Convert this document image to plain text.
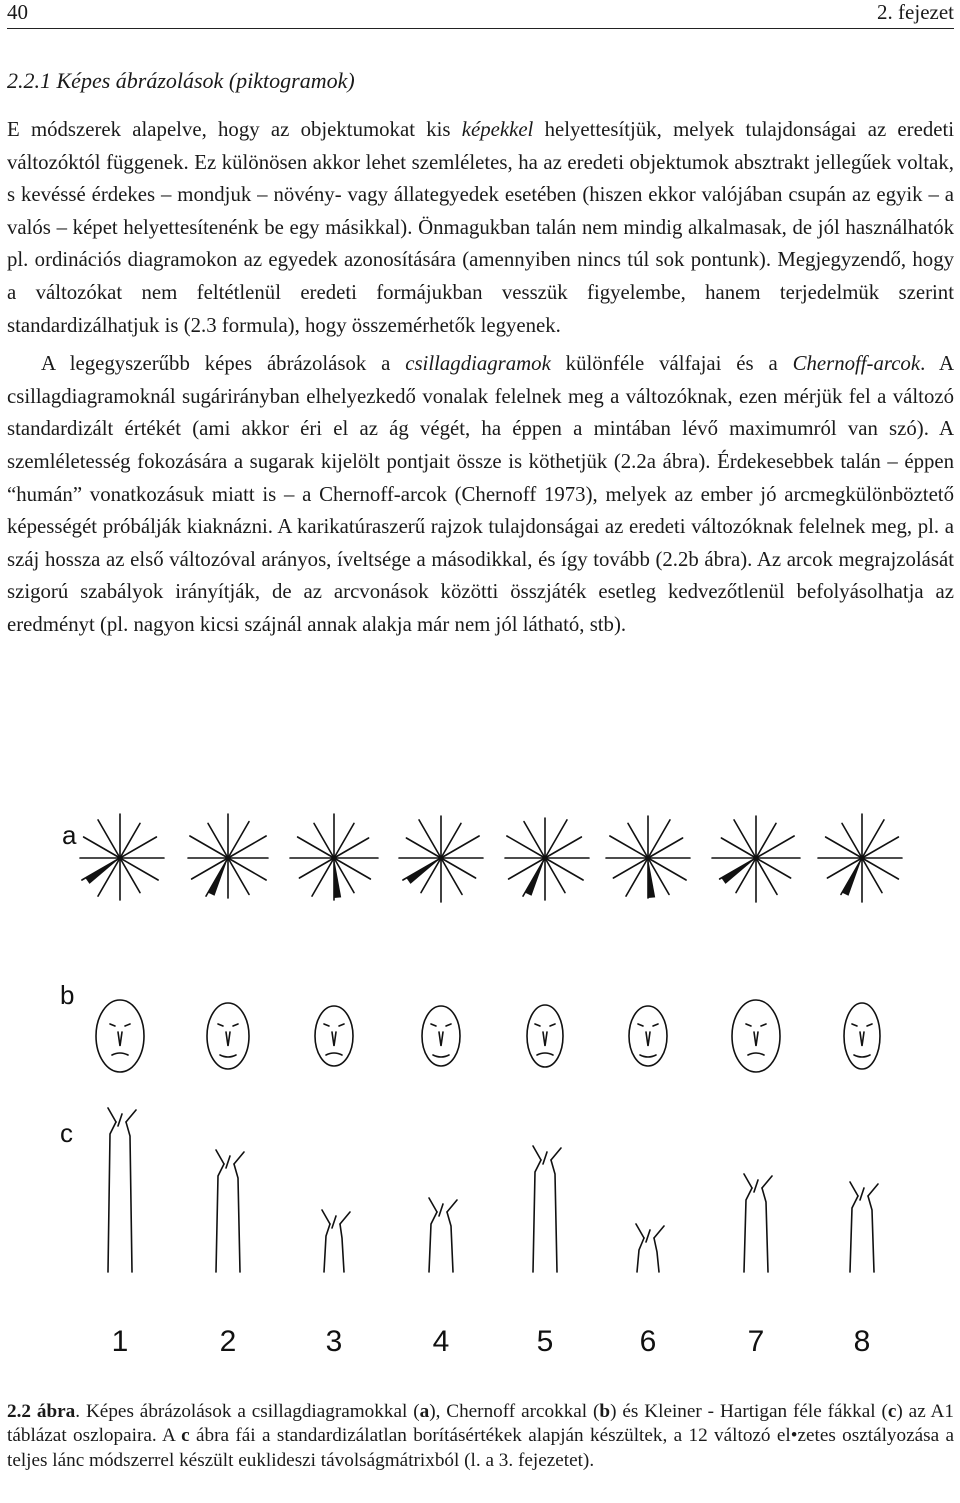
40	2. fejezet
2.2.1 Képes ábrázolások (piktogramok)

E módszerek alapelve, hogy az objektumokat kis képekkel helyettesítjük, melyek tulajdonságai az eredeti változóktól függenek. Ez különösen akkor lehet szemléletes, ha az eredeti objektumok absztrakt jellegűek voltak, s kevéssé érdekes – mondjuk – növény- vagy állategyedek esetében (hiszen ekkor valójában csupán az egyik – a valós – képet helyettesítenénk be egy másikkal). Önmagukban talán nem mindig alkalmasak, de jól használhatók pl. ordinációs diagramokon az egyedek azonosítására (amennyiben nincs túl sok pontunk). Megjegyzendő, hogy a változókat nem feltétlenül eredeti formájukban vesszük figyelembe, hanem terjedelmük szerint standardizálhatjuk is (2.3 formula), hogy összemérhetők legyenek.

A legegyszerűbb képes ábrázolások a csillagdiagramok különféle válfajai és a Chernoff-arcok. A csillagdiagramoknál sugárirányban elhelyezkedő vonalak felelnek meg a változóknak, ezen mérjük fel a változó standardizált értékét (ami akkor éri el az ág végét, ha éppen a mintában lévő maximumról van szó). A szemléletesség fokozására a sugarak kijelölt pontjait össze is köthetjük (2.2a ábra). Érdekesebbek talán – éppen “humán” vonatkozásuk miatt is – a Chernoff-arcok (Chernoff 1973), melyek az ember jó arcmegkülönböztető képességét próbálják kiaknázni. A karikatúraszerű rajzok tulajdonságai az eredeti változóknak felelnek meg, pl. a száj hossza az első változóval arányos, íveltsége a másodikkal, és így tovább (2.2b ábra). Az arcok megrajzolását szigorú szabályok irányítják, de az arcvonások közötti összjáték esetleg kedvezőtlenül befolyásolhatja az eredményt (pl. nagyon kicsi szájnál annak alakja már nem jól látható, stb).

a
b
c
1	2	3	4	5	6	7	8
2.2 ábra. Képes ábrázolások a csillagdiagramokkal (a), Chernoff arcokkal (b) és Kleiner - Hartigan féle fákkal (c) az A1 táblázat oszlopaira. A c ábra fái a standardizálatlan borításértékek alapján készültek, a 12 változó el•zetes osztályozása a teljes lánc módszerrel készült euklideszi távolságmátrixból (l. a 3. fejezetet).
